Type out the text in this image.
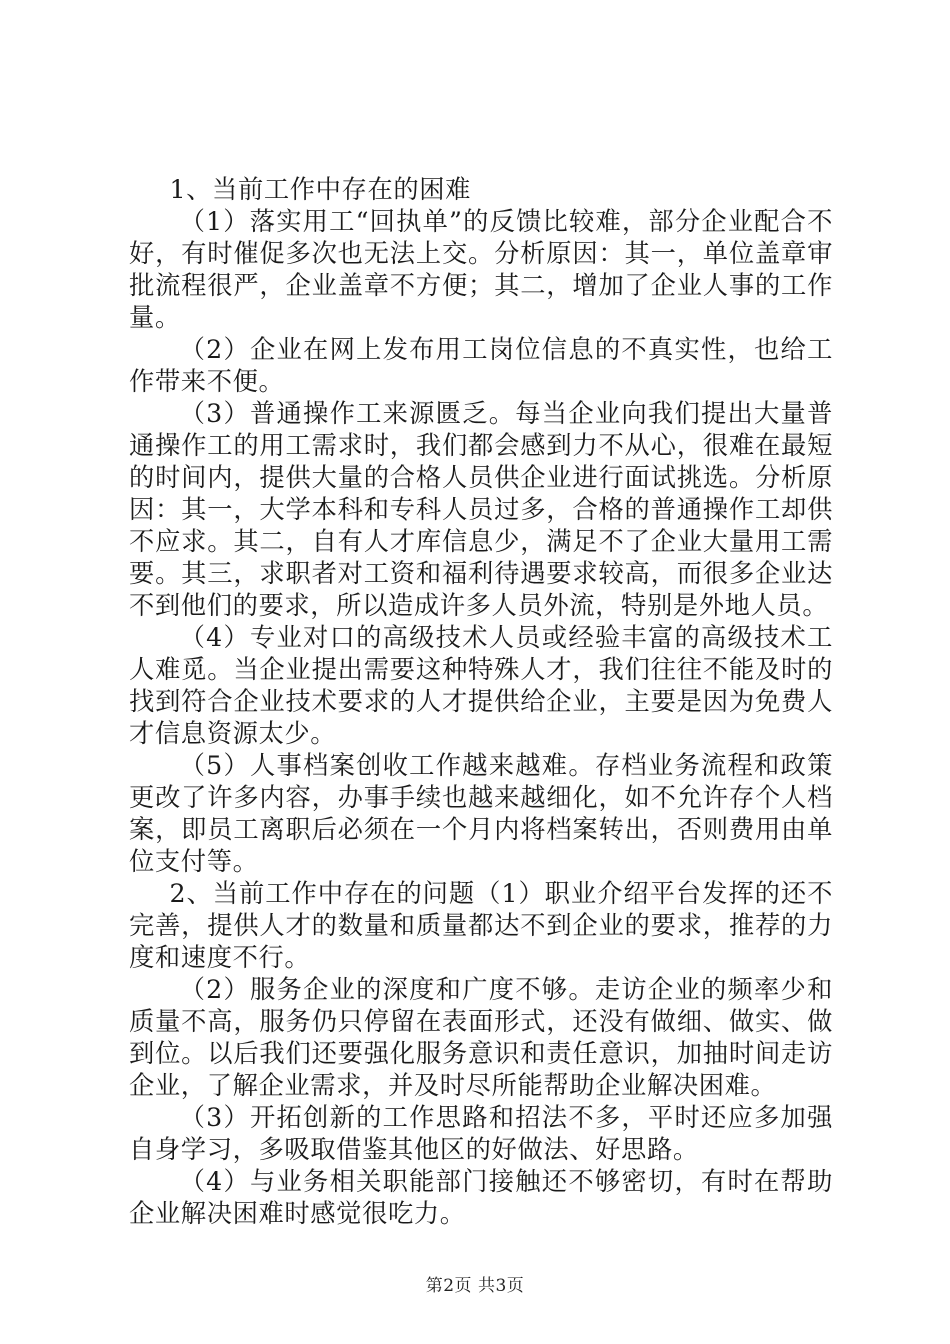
1、当前工作中存在的困难

（1）落实用工“回执单”的反馈比较难，部分企业配合不好，有时催促多次也无法上交。分析原因：其一，单位盖章审批流程很严，企业盖章不方便；其二，增加了企业人事的工作量。

（2）企业在网上发布用工岗位信息的不真实性，也给工作带来不便。

（3）普通操作工来源匮乏。每当企业向我们提出大量普通操作工的用工需求时，我们都会感到力不从心，很难在最短的时间内，提供大量的合格人员供企业进行面试挑选。分析原因：其一，大学本科和专科人员过多，合格的普通操作工却供不应求。其二，自有人才库信息少，满足不了企业大量用工需要。其三，求职者对工资和福利待遇要求较高，而很多企业达不到他们的要求，所以造成许多人员外流，特别是外地人员。

（4）专业对口的高级技术人员或经验丰富的高级技术工人难觅。当企业提出需要这种特殊人才，我们往往不能及时的找到符合企业技术要求的人才提供给企业，主要是因为免费人才信息资源太少。

（5）人事档案创收工作越来越难。存档业务流程和政策更改了许多内容，办事手续也越来越细化，如不允许存个人档案，即员工离职后必须在一个月内将档案转出，否则费用由单位支付等。

2、当前工作中存在的问题（1）职业介绍平台发挥的还不完善，提供人才的数量和质量都达不到企业的要求，推荐的力度和速度不行。

（2）服务企业的深度和广度不够。走访企业的频率少和质量不高，服务仍只停留在表面形式，还没有做细、做实、做到位。以后我们还要强化服务意识和责任意识，加抽时间走访企业，了解企业需求，并及时尽所能帮助企业解决困难。

（3）开拓创新的工作思路和招法不多，平时还应多加强自身学习，多吸取借鉴其他区的好做法、好思路。

（4）与业务相关职能部门接触还不够密切，有时在帮助企业解决困难时感觉很吃力。

第2页 共3页
